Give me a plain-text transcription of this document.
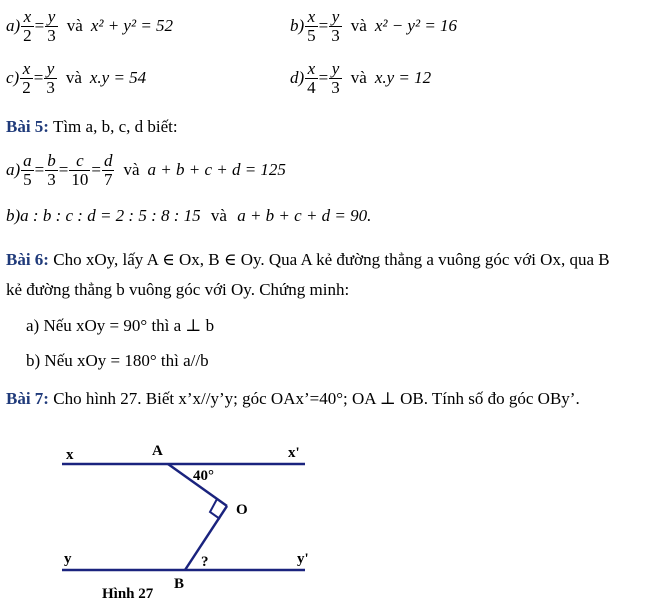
$a) \frac{x}{2} = \frac{y}{3}$ và x² + y² = 52	$b) \frac{x}{5} = \frac{y}{3}$ và x² − y² = 16
$c) \frac{x}{2} = \frac{y}{3}$ và x.y = 54	$d) \frac{x}{4} = \frac{y}{3}$ và x.y = 12
Bài 5: Tìm a, b, c, d biết:
$a) \frac{a}{5} = \frac{b}{3} = \frac{c}{10} = \frac{d}{7}$ và a + b + c + d = 125
b)a : b : c : d = 2 : 5 : 8 : 15 và a + b + c + d = 90.
Bài 6: Cho xOy, lấy A ∈ Ox, B ∈ Oy. Qua A kẻ đường thẳng a vuông góc với Ox, qua B
kẻ đường thẳng b vuông góc với Oy. Chứng minh:
a) Nếu xOy = 90° thì a ⊥ b
b) Nếu xOy = 180° thì a//b
Bài 7: Cho hình 27. Biết x’x//y’y; góc OAx’=40°; OA ⊥ OB. Tính số đo góc OBy’.
x	A	x'
40°
O
y	?	y'
B
Hình 27
